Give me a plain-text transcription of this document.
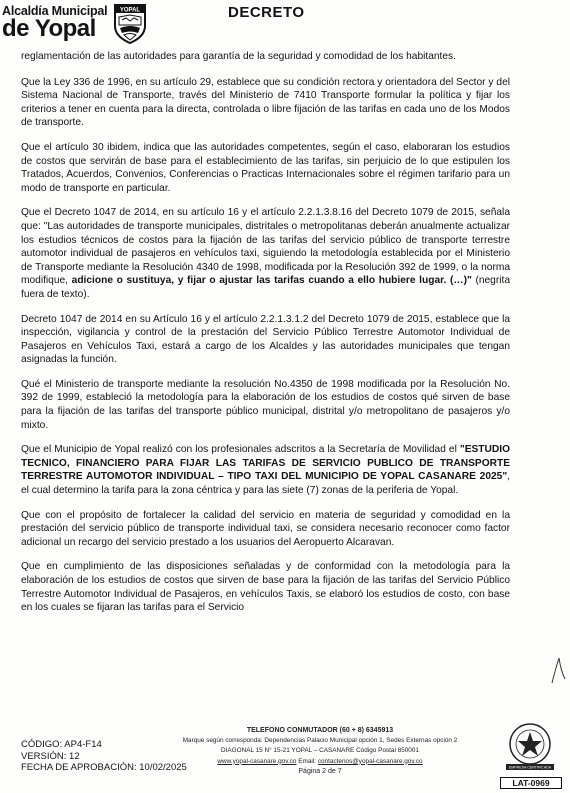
Alcaldía Municipal
de Yopal
YOPAL	DECRETO

reglamentación de las autoridades para garantía de la seguridad y comodidad de los habitantes.

Que la Ley 336 de 1996, en su artículo 29, establece que su condición rectora y orientadora del Sector y del Sistema Nacional de Transporte, través del Ministerio de 7410 Transporte formular la política y fijar los criterios a tener en cuenta para la directa, controlada o libre fijación de las tarifas en cada uno de los Modos de transporte.

Que el artículo 30 ibidem, indica que las autoridades competentes, según el caso, elaboraran los estudios de costos que servirán de base para el establecimiento de las tarifas, sin perjuicio de lo que estipulen los Tratados, Acuerdos, Convenios, Conferencias o Practicas Internacionales sobre el régimen tarifario para un modo de transporte en particular.

Que el Decreto 1047 de 2014, en su artículo 16 y el artículo 2.2.1.3.8.16 del Decreto 1079 de 2015, señala que: "Las autoridades de transporte municipales, distritales o metropolitanas deberán anualmente actualizar los estudios técnicos de costos para la fijación de las tarifas del servicio público de transporte terrestre automotor individual de pasajeros en vehículos taxi, siguiendo la metodología establecida por el Ministerio de Transporte mediante la Resolución 4340 de 1998, modificada por la Resolución 392 de 1999, o la norma modifique, adicione o sustituya, y fijar o ajustar las tarifas cuando a ello hubiere lugar. (…)" (negrita fuera de texto).

Decreto 1047 de 2014 en su Artículo 16 y el artículo 2.2.1.3.1.2 del Decreto 1079 de 2015, establece que la inspección, vigilancia y control de la prestación del Servicio Público Terrestre Automotor Individual de Pasajeros en Vehículos Taxi, estará a cargo de los Alcaldes y las autoridades municipales que tengan asignadas la función.

Qué el Ministerio de transporte mediante la resolución No.4350 de 1998 modificada por la Resolución No. 392 de 1999, estableció la metodología para la elaboración de los estudios de costos qué sirven de base para la fijación de las tarifas del transporte público municipal, distrital y/o metropolitano de pasajeros y/o mixto.

Que el Municipio de Yopal realizó con los profesionales adscritos a la Secretaría de Movilidad el "ESTUDIO TECNICO, FINANCIERO PARA FIJAR LAS TARIFAS DE SERVICIO PUBLICO DE TRANSPORTE TERRESTRE AUTOMOTOR INDIVIDUAL – TIPO TAXI DEL MUNICIPIO DE YOPAL CASANARE 2025", el cual determino la tarifa para la zona céntrica y para las siete (7) zonas de la periferia de Yopal.

Que con el propósito de fortalecer la calidad del servicio en materia de seguridad y comodidad en la prestación del servicio público de transporte individual taxi, se considera necesario reconocer como factor adicional un recargo del servicio prestado a los usuarios del Aeropuerto Alcaravan.

Que en cumplimiento de las disposiciones señaladas y de conformidad con la metodología para la elaboración de los estudios de costos que sirven de base para la fijación de las tarifas del Servicio Público Terrestre Automotor Individual de Pasajeros, en vehículos Taxis, se elaboró los estudios de costo, con base en los cuales se fijaran las tarifas para el Servicio

CÓDIGO: AP4-F14
VERSIÓN: 12
FECHA DE APROBACIÓN: 10/02/2025
TELEFONO CONMUTADOR (60 + 8) 6345913
Marque según corresponda: Dependencias Palacio Municipal opción 1, Sedes Externas opción 2
DIAGONAL 15 N° 15-21 YOPAL – CASANARE Código Postal 850001
www.yopal-casanare.gov.co Email: contactenos@yopal-casanare.gov.co
Página 2 de 7
EMPRESA CERTIFICADA
LAT-0969
